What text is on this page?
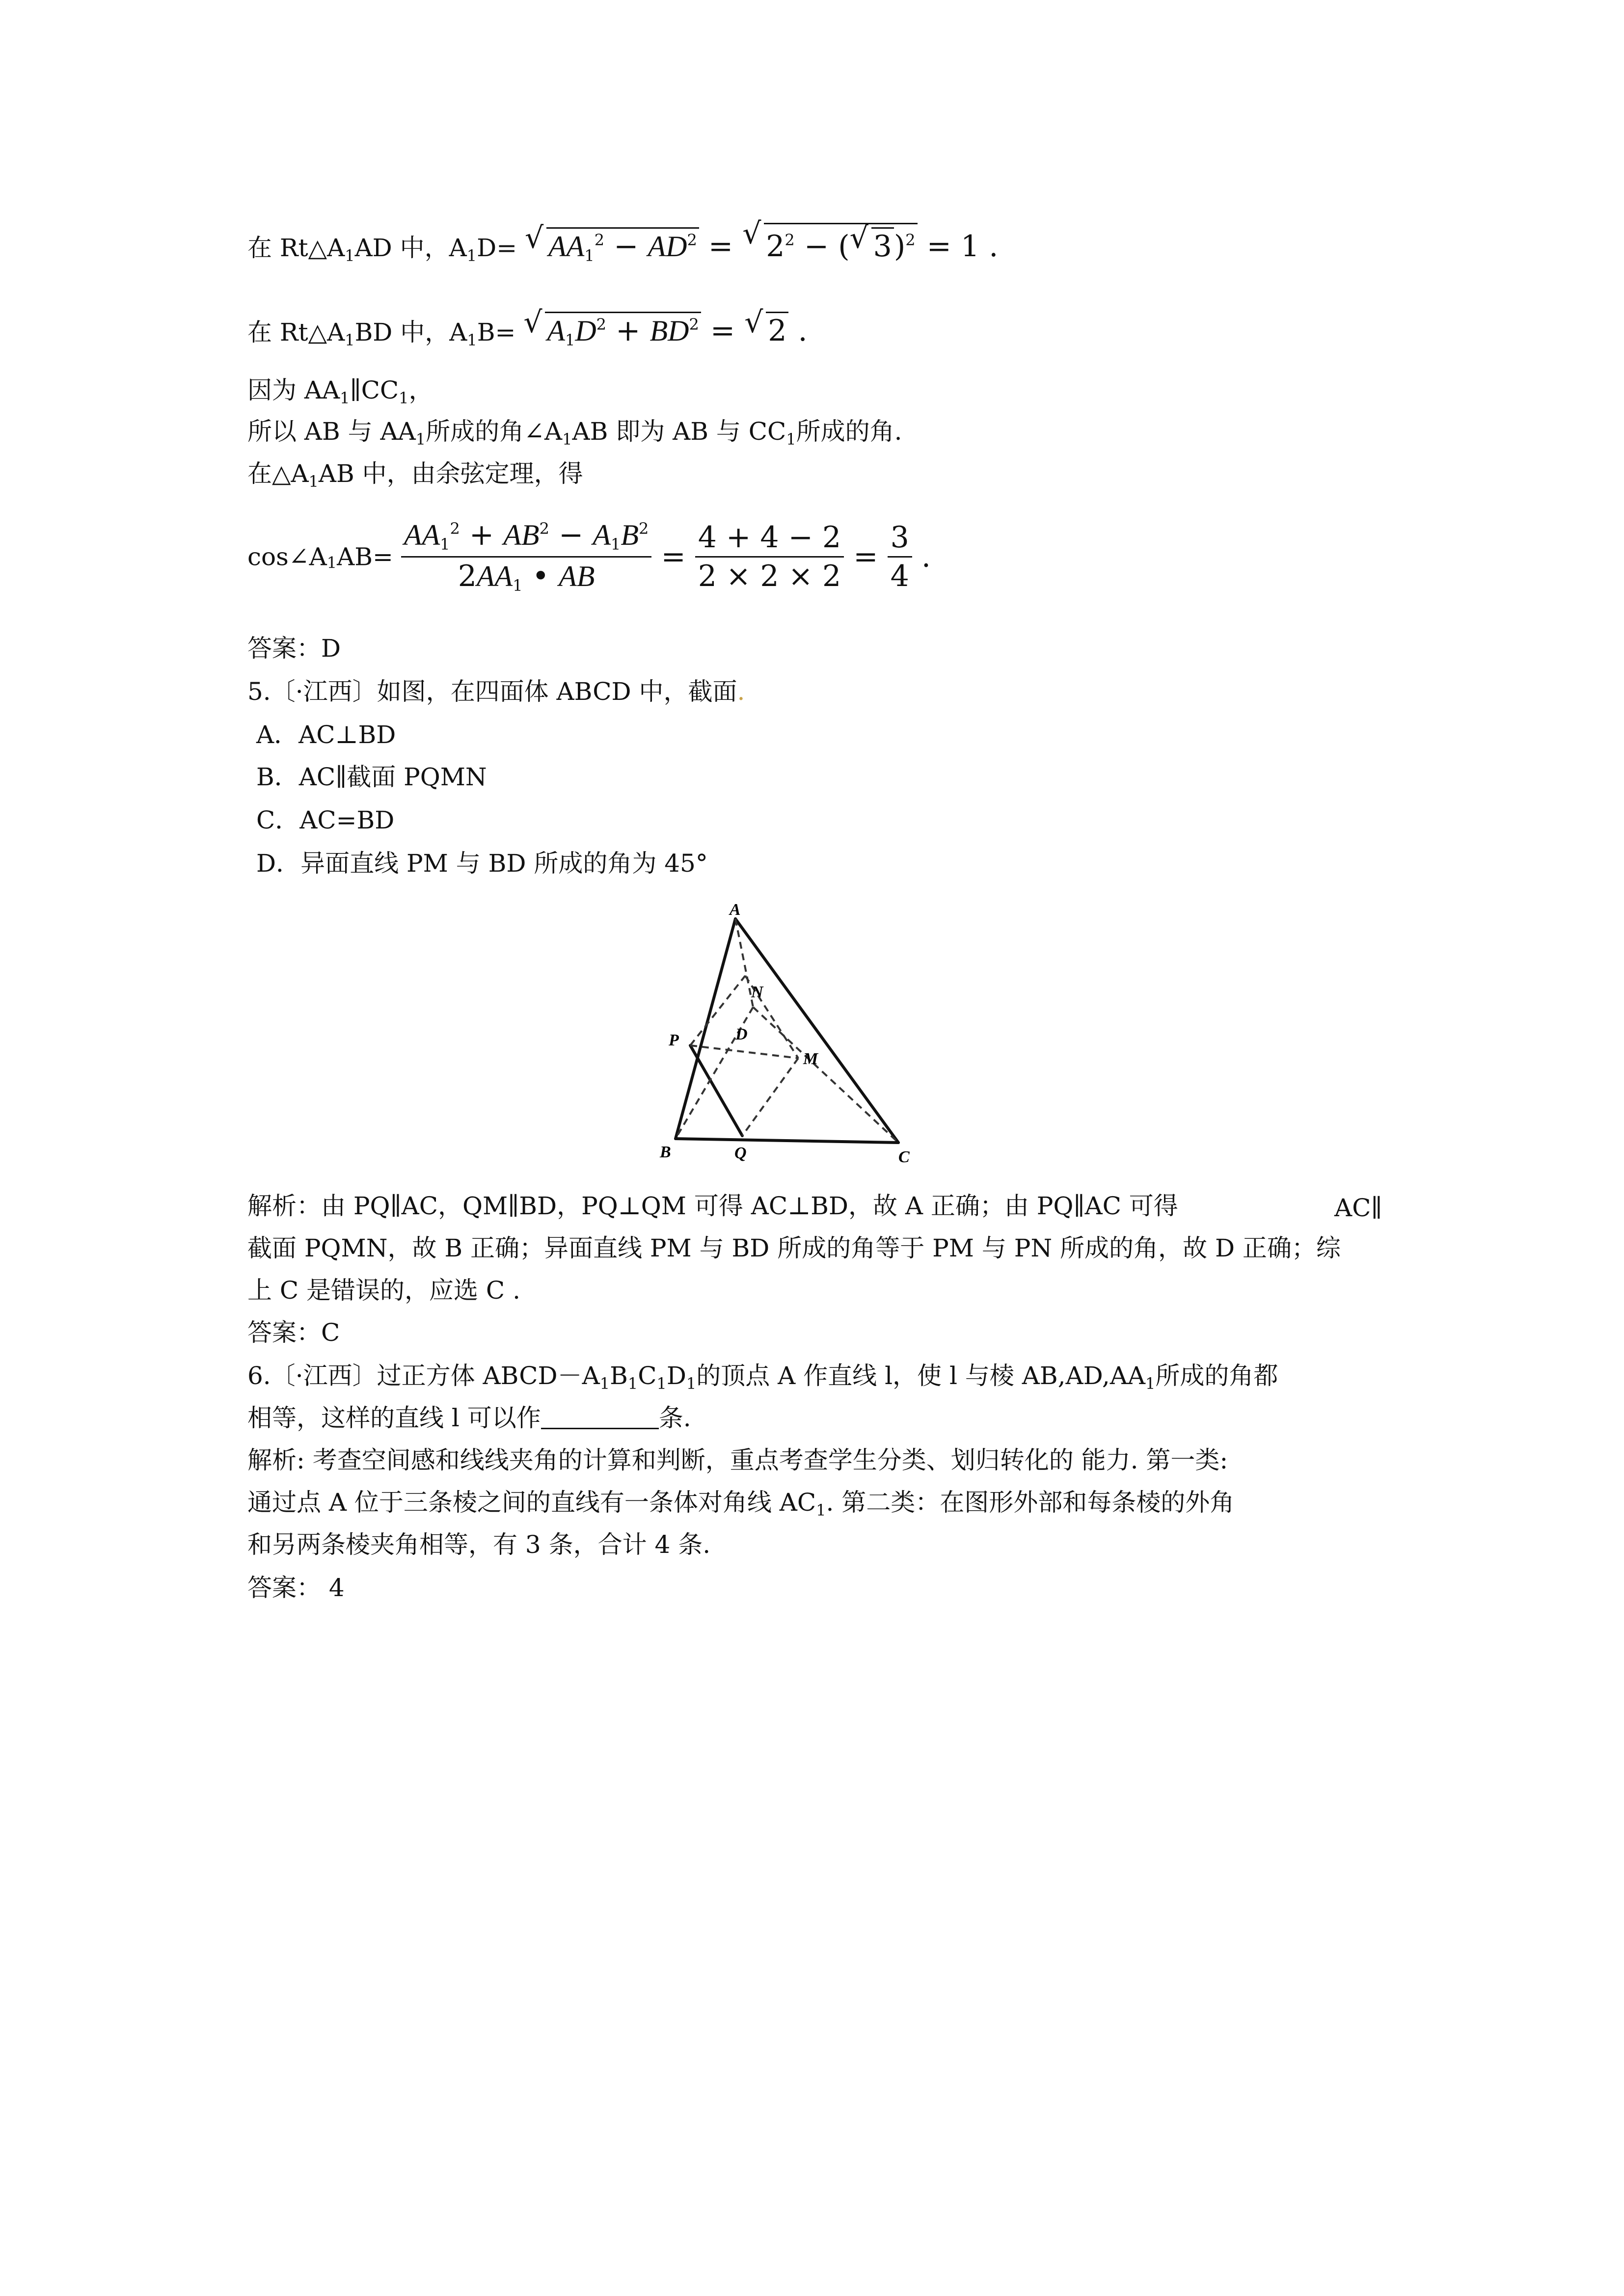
在 $Rt\triangle A_1AD$ 中，$A_1D=$ √ $AA_1^2 - AD^2$ = √ $2^2$ − ( √ 3)$^2$ = 1 .
在 $Rt\triangle A_1BD$ 中，$A_1B=$ √ $A_1D^2 + BD^2$ = √ 2 .
因为 $AA_1\parallel CC_1$，
所以 AB 与 $AA_1$所成的角$\angle A_1AB$ 即为 AB 与 $CC_1$所成的角.
在$\triangle A_1AB$ 中，由余弦定理，得
$\cos\angle A_1AB= \frac{AA_1^2 + AB^2 - A_1B^2}{2AA_1 • AB} = \frac{4 + 4 - 2}{2 \times 2 \times 2} = \frac{3}{4}$ .
答案：D
5.〔·江西〕如图，在四面体 ABCD 中，截面.
A．AC⊥BD
B．AC∥截面 PQMN
C．AC=BD
D．异面直线 PM 与 BD 所成的角为 45°
A
B	C
D
N
M
P
Q
解析：由 PQ∥AC，QM∥BD，PQ⊥QM 可得 AC⊥BD，故 A 正确；由 PQ∥AC 可得	AC∥
截面 PQMN，故 B 正确；异面直线 PM 与 BD 所成的角等于 PM 与 PN 所成的角，故 D 正确；综
上 C 是错误的，应选 C .
答案：C
6.〔·江西〕过正方体 $ABCD-A_1B_1C_1D_1$的顶点 A 作直线 l，使 l 与棱 $AB,AD,AA_1$所成的角都
相等，这样的直线 l 可以作	条.
解析: 考查空间感和线线夹角的计算和判断，重点考查学生分类、划归转化的 能力. 第一类:
通过点 A 位于三条棱之间的直线有一条体对角线 $AC_1$. 第二类：在图形外部和每条棱的外角
和另两条棱夹角相等，有 3 条，合计 4 条.
答案： 4
